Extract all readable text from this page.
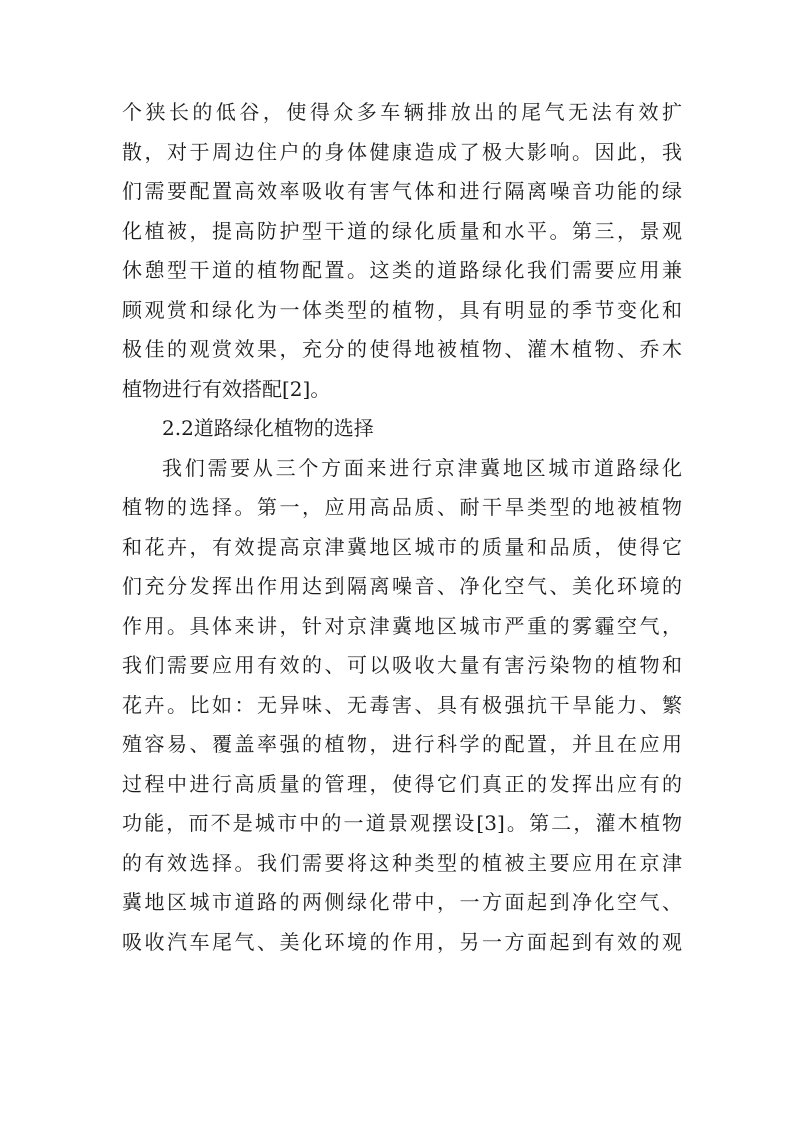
个狭长的低谷，使得众多车辆排放出的尾气无法有效扩
散，对于周边住户的身体健康造成了极大影响。因此，我
们需要配置高效率吸收有害气体和进行隔离噪音功能的绿
化植被，提高防护型干道的绿化质量和水平。第三，景观
休憩型干道的植物配置。这类的道路绿化我们需要应用兼
顾观赏和绿化为一体类型的植物，具有明显的季节变化和
极佳的观赏效果，充分的使得地被植物、灌木植物、乔木
植物进行有效搭配[2]。
2.2道路绿化植物的选择
我们需要从三个方面来进行京津冀地区城市道路绿化
植物的选择。第一，应用高品质、耐干旱类型的地被植物
和花卉，有效提高京津冀地区城市的质量和品质，使得它
们充分发挥出作用达到隔离噪音、净化空气、美化环境的
作用。具体来讲，针对京津冀地区城市严重的雾霾空气，
我们需要应用有效的、可以吸收大量有害污染物的植物和
花卉。比如：无异味、无毒害、具有极强抗干旱能力、繁
殖容易、覆盖率强的植物，进行科学的配置，并且在应用
过程中进行高质量的管理，使得它们真正的发挥出应有的
功能，而不是城市中的一道景观摆设[3]。第二，灌木植物
的有效选择。我们需要将这种类型的植被主要应用在京津
冀地区城市道路的两侧绿化带中，一方面起到净化空气、
吸收汽车尾气、美化环境的作用，另一方面起到有效的观
